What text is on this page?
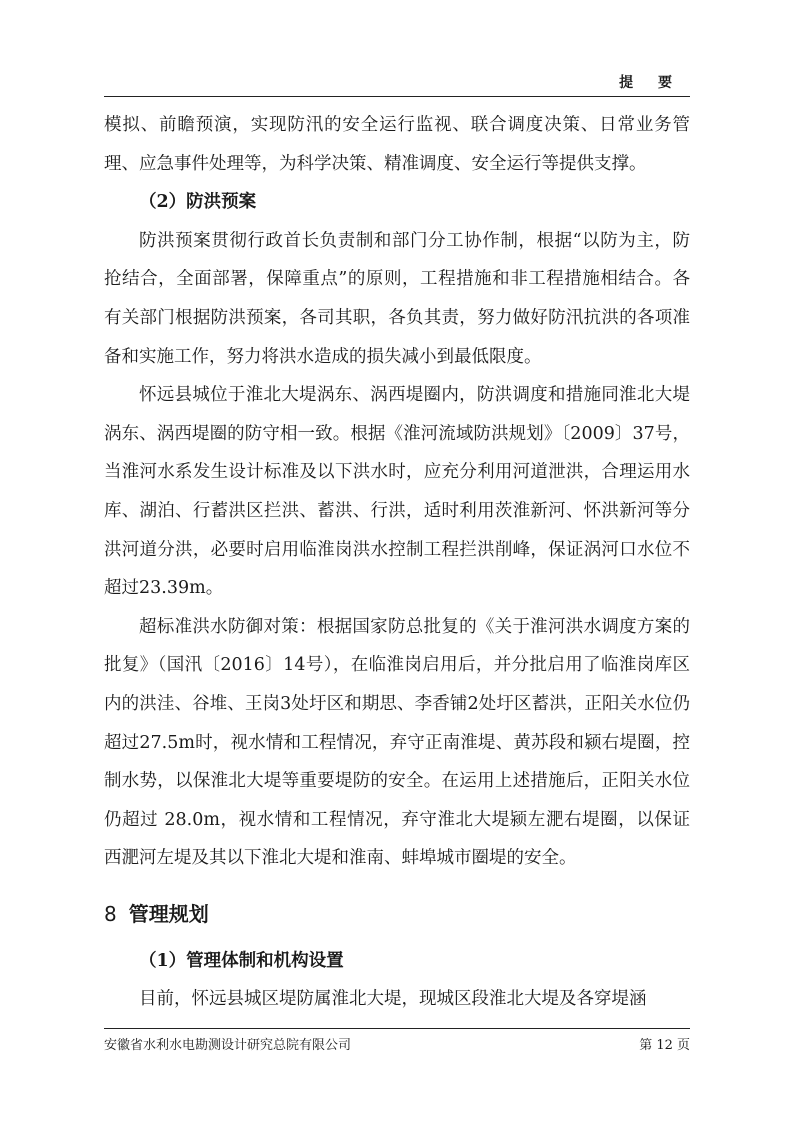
提 要

模拟、前瞻预演，实现防汛的安全运行监视、联合调度决策、日常业务管理、应急事件处理等，为科学决策、精准调度、安全运行等提供支撑。

（2）防洪预案

防洪预案贯彻行政首长负责制和部门分工协作制，根据“以防为主，防抢结合，全面部署，保障重点”的原则，工程措施和非工程措施相结合。各有关部门根据防洪预案，各司其职，各负其责，努力做好防汛抗洪的各项准备和实施工作，努力将洪水造成的损失减小到最低限度。

怀远县城位于淮北大堤涡东、涡西堤圈内，防洪调度和措施同淮北大堤涡东、涡西堤圈的防守相一致。根据《淮河流域防洪规划》〔2009〕37号，当淮河水系发生设计标准及以下洪水时，应充分利用河道泄洪，合理运用水库、湖泊、行蓄洪区拦洪、蓄洪、行洪，适时利用茨淮新河、怀洪新河等分洪河道分洪，必要时启用临淮岗洪水控制工程拦洪削峰，保证涡河口水位不超过23.39m。

超标准洪水防御对策：根据国家防总批复的《关于淮河洪水调度方案的批复》（国汛〔2016〕14号），在临淮岗启用后，并分批启用了临淮岗库区内的洪洼、谷堆、王岗3处圩区和期思、李香铺2处圩区蓄洪，正阳关水位仍超过27.5m时，视水情和工程情况，弃守正南淮堤、黄苏段和颍右堤圈，控制水势，以保淮北大堤等重要堤防的安全。在运用上述措施后，正阳关水位仍超过 28.0m，视水情和工程情况，弃守淮北大堤颍左淝右堤圈，以保证西淝河左堤及其以下淮北大堤和淮南、蚌埠城市圈堤的安全。

8 管理规划

（1）管理体制和机构设置

目前，怀远县城区堤防属淮北大堤，现城区段淮北大堤及各穿堤涵

安徽省水利水电勘测设计研究总院有限公司	第 12 页
